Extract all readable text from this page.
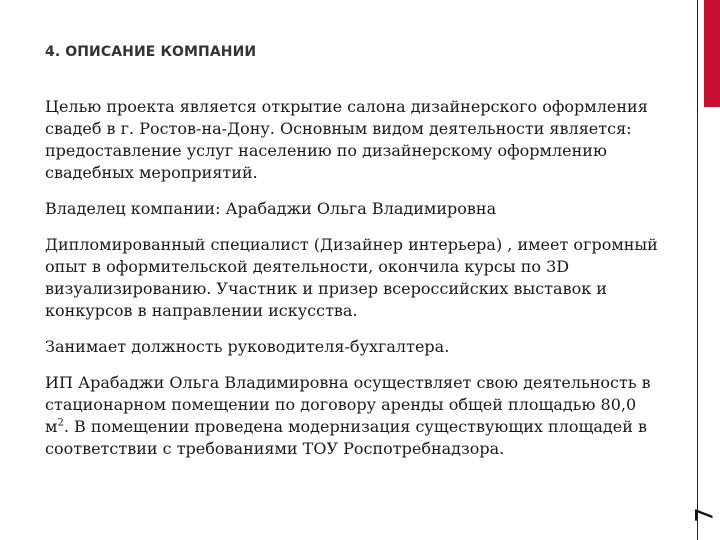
4. ОПИСАНИЕ КОМПАНИИ

Целью проекта является открытие салона дизайнерского оформления свадеб в г. Ростов-на-Дону. Основным видом деятельности является: предоставление услуг населению по дизайнерскому оформлению свадебных мероприятий.

Владелец компании: Арабаджи Ольга Владимировна

Дипломированный специалист (Дизайнер интерьера) , имеет огромный опыт в оформительской деятельности, окончила курсы по 3D визуализированию. Участник и призер всероссийских выставок и конкурсов в направлении искусства.

Занимает должность руководителя-бухгалтера.

ИП Арабаджи Ольга Владимировна осуществляет свою деятельность в стационарном помещении по договору аренды общей площадью 80,0 $м^2$. В помещении проведена модернизация существующих площадей в соответствии с требованиями ТОУ Роспотребнадзора.

7
